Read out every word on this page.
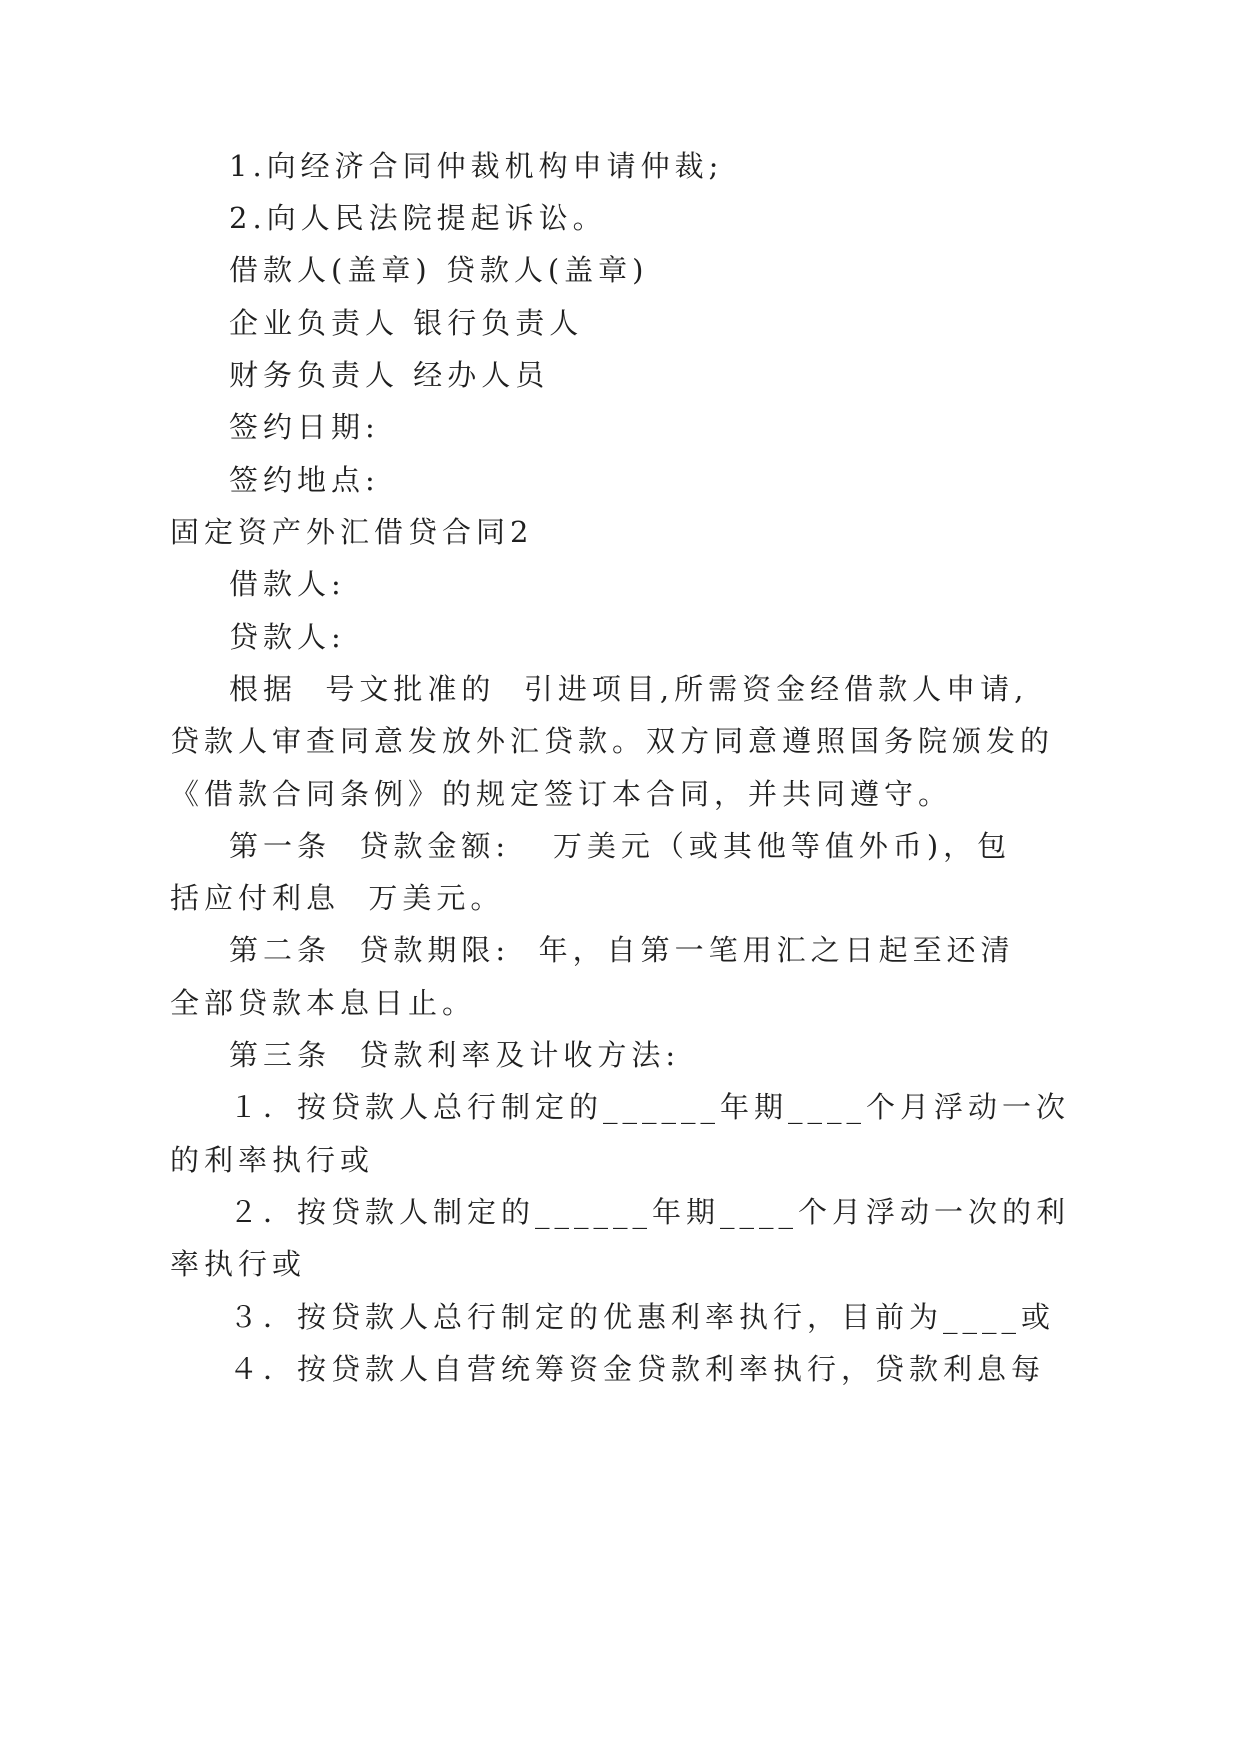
1.向经济合同仲裁机构申请仲裁;
2.向人民法院提起诉讼。
借款人(盖章) 贷款人(盖章)
企业负责人 银行负责人
财务负责人 经办人员
签约日期:
签约地点:
固定资产外汇借贷合同2
借款人:
贷款人:
根据  号文批准的  引进项目,所需资金经借款人申请,
贷款人审查同意发放外汇贷款。双方同意遵照国务院颁发的
《借款合同条例》的规定签订本合同，并共同遵守。
第一条  贷款金额:   万美元（或其他等值外币)，包
括应付利息  万美元。
第二条  贷款期限:  年，自第一笔用汇之日起至还清
全部贷款本息日止。
第三条  贷款利率及计收方法:
１．按贷款人总行制定的______年期____个月浮动一次
的利率执行或
２．按贷款人制定的______年期____个月浮动一次的利
率执行或
３．按贷款人总行制定的优惠利率执行，目前为____或
４．按贷款人自营统筹资金贷款利率执行，贷款利息每
